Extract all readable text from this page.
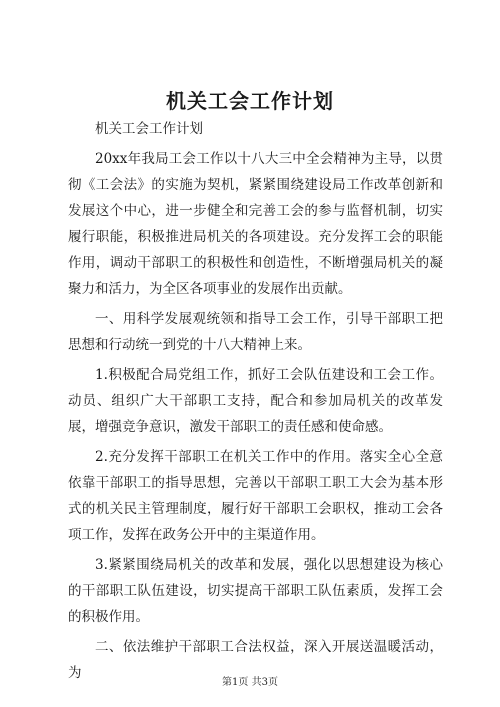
机关工会工作计划

机关工会工作计划

20xx年我局工会工作以十八大三中全会精神为主导，以贯彻《工会法》的实施为契机，紧紧围绕建设局工作改革创新和发展这个中心，进一步健全和完善工会的参与监督机制，切实履行职能，积极推进局机关的各项建设。充分发挥工会的职能作用，调动干部职工的积极性和创造性，不断增强局机关的凝聚力和活力，为全区各项事业的发展作出贡献。

一、用科学发展观统领和指导工会工作，引导干部职工把思想和行动统一到党的十八大精神上来。

1.积极配合局党组工作，抓好工会队伍建设和工会工作。动员、组织广大干部职工支持，配合和参加局机关的改革发展，增强竞争意识，激发干部职工的责任感和使命感。

2.充分发挥干部职工在机关工作中的作用。落实全心全意依靠干部职工的指导思想，完善以干部职工职工大会为基本形式的机关民主管理制度，履行好干部职工会职权，推动工会各项工作，发挥在政务公开中的主渠道作用。

3.紧紧围绕局机关的改革和发展，强化以思想建设为核心的干部职工队伍建设，切实提高干部职工队伍素质，发挥工会的积极作用。

二、依法维护干部职工合法权益，深入开展送温暖活动，为

第1页 共3页
